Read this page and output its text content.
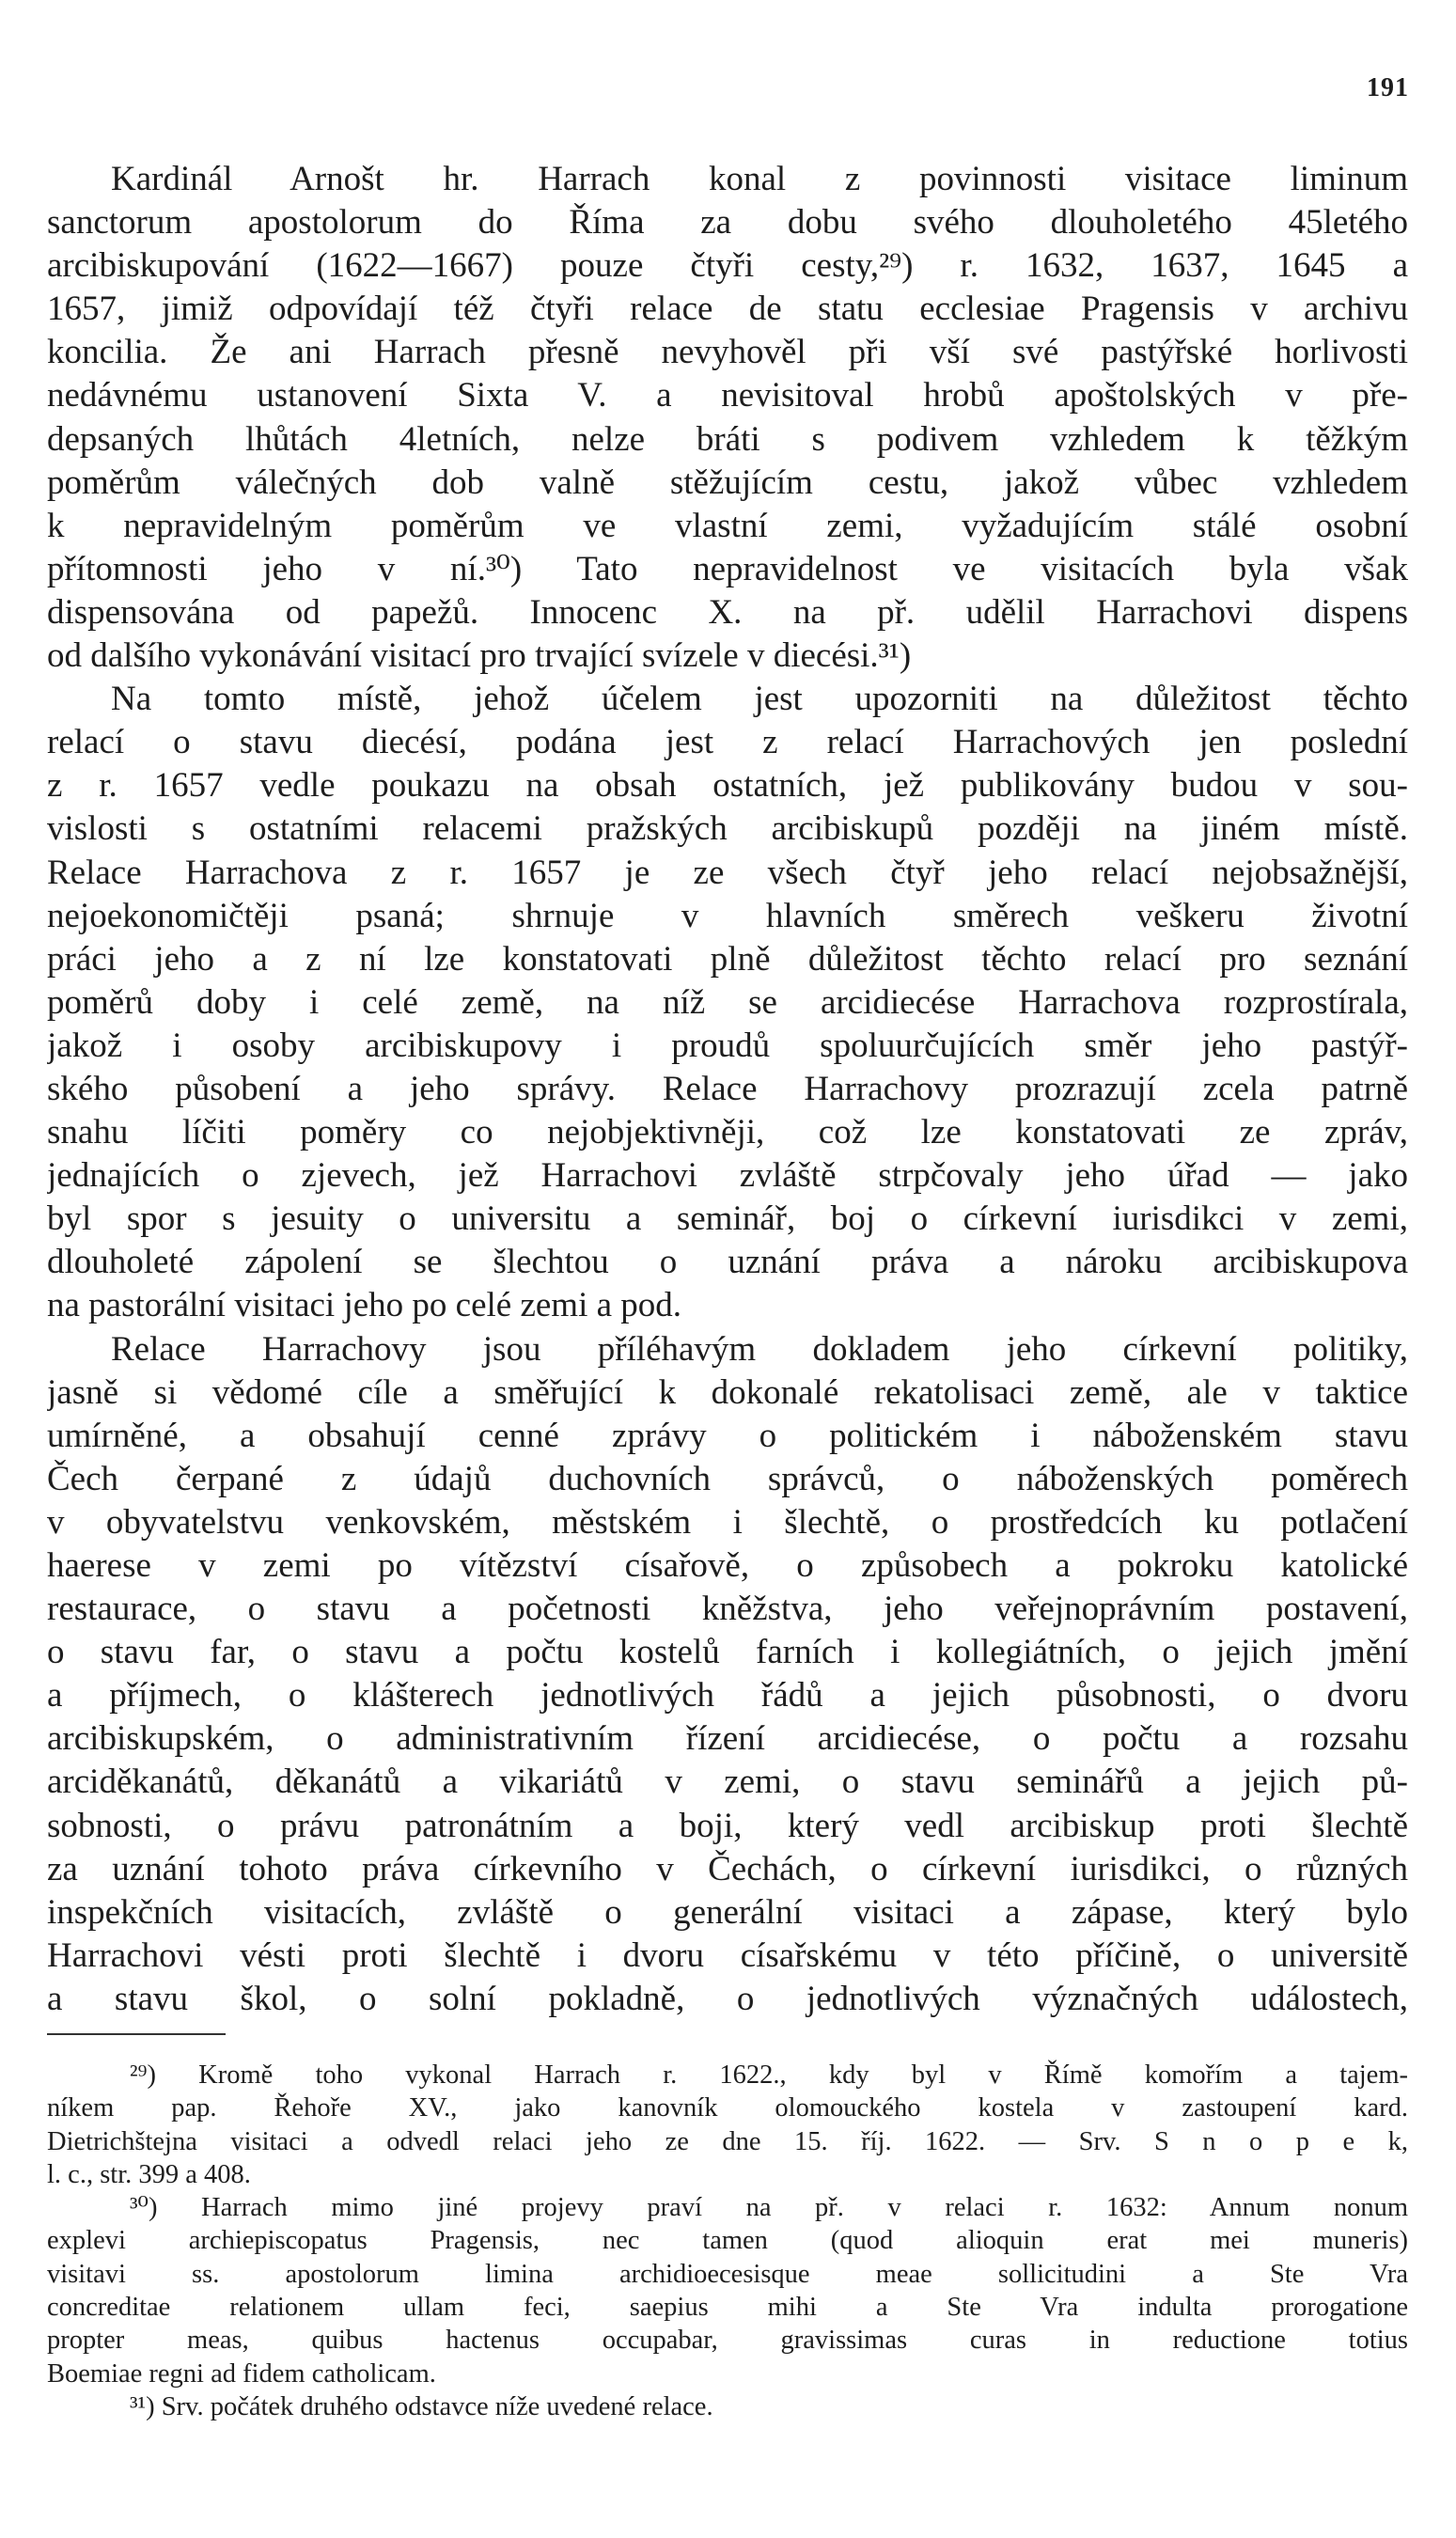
191
Kardinál Arnošt hr. Harrach konal z povinnosti visitace liminum
sanctorum apostolorum do Říma za dobu svého dlouholetého 45letého
arcibiskupování (1622—1667) pouze čtyři cesty,²⁹) r. 1632, 1637, 1645 a
1657, jimiž odpovídají též čtyři relace de statu ecclesiae Pragensis v archivu
koncilia. Že ani Harrach přesně nevyhověl při vší své pastýřské horlivosti
nedávnému ustanovení Sixta V. a nevisitoval hrobů apoštolských v pře-
depsaných lhůtách 4letních, nelze bráti s podivem vzhledem k těžkým
poměrům válečných dob valně stěžujícím cestu, jakož vůbec vzhledem
k nepravidelným poměrům ve vlastní zemi, vyžadujícím stálé osobní
přítomnosti jeho v ní.³⁰) Tato nepravidelnost ve visitacích byla však
dispensována od papežů. Innocenc X. na př. udělil Harrachovi dispens
od dalšího vykonávání visitací pro trvající svízele v diecési.³¹)
Na tomto místě, jehož účelem jest upozorniti na důležitost těchto
relací o stavu diecésí, podána jest z relací Harrachových jen poslední
z r. 1657 vedle poukazu na obsah ostatních, jež publikovány budou v sou-
vislosti s ostatními relacemi pražských arcibiskupů později na jiném místě.
Relace Harrachova z r. 1657 je ze všech čtyř jeho relací nejobsažnější,
nejoekonomičtěji psaná; shrnuje v hlavních směrech veškeru životní
práci jeho a z ní lze konstatovati plně důležitost těchto relací pro seznání
poměrů doby i celé země, na níž se arcidiecése Harrachova rozprostírala,
jakož i osoby arcibiskupovy i proudů spoluurčujících směr jeho pastýř-
ského působení a jeho správy. Relace Harrachovy prozrazují zcela patrně
snahu líčiti poměry co nejobjektivněji, což lze konstatovati ze zpráv,
jednajících o zjevech, jež Harrachovi zvláště strpčovaly jeho úřad — jako
byl spor s jesuity o universitu a seminář, boj o církevní iurisdikci v zemi,
dlouholeté zápolení se šlechtou o uznání práva a nároku arcibiskupova
na pastorální visitaci jeho po celé zemi a pod.
Relace Harrachovy jsou příléhavým dokladem jeho církevní politiky,
jasně si vědomé cíle a směřující k dokonalé rekatolisaci země, ale v taktice
umírněné, a obsahují cenné zprávy o politickém i náboženském stavu
Čech čerpané z údajů duchovních správců, o náboženských poměrech
v obyvatelstvu venkovském, městském i šlechtě, o prostředcích ku potlačení
haerese v zemi po vítězství císařově, o způsobech a pokroku katolické
restaurace, o stavu a početnosti kněžstva, jeho veřejnoprávním postavení,
o stavu far, o stavu a počtu kostelů farních i kollegiátních, o jejich jmění
a příjmech, o klášterech jednotlivých řádů a jejich působnosti, o dvoru
arcibiskupském, o administrativním řízení arcidiecése, o počtu a rozsahu
arciděkanátů, děkanátů a vikariátů v zemi, o stavu seminářů a jejich pů-
sobnosti, o právu patronátním a boji, který vedl arcibiskup proti šlechtě
za uznání tohoto práva církevního v Čechách, o církevní iurisdikci, o různých
inspekčních visitacích, zvláště o generální visitaci a zápase, který bylo
Harrachovi vésti proti šlechtě i dvoru císařskému v této příčině, o universitě
a stavu škol, o solní pokladně, o jednotlivých význačných událostech,
²⁹) Kromě toho vykonal Harrach r. 1622., kdy byl v Římě komořím a tajem-
níkem pap. Řehoře XV., jako kanovník olomouckého kostela v zastoupení kard.
Dietrichštejna visitaci a odvedl relaci jeho ze dne 15. říj. 1622. — Srv. S n o p e k,
l. c., str. 399 a 408.
³⁰) Harrach mimo jiné projevy praví na př. v relaci r. 1632: Annum nonum
explevi archiepiscopatus Pragensis, nec tamen (quod alioquin erat mei muneris)
visitavi ss. apostolorum limina archidioecesisque meae sollicitudini a Ste Vra
concreditae relationem ullam feci, saepius mihi a Ste Vra indulta prorogatione
propter meas, quibus hactenus occupabar, gravissimas curas in reductione totius
Boemiae regni ad fidem catholicam.
³¹) Srv. počátek druhého odstavce níže uvedené relace.
